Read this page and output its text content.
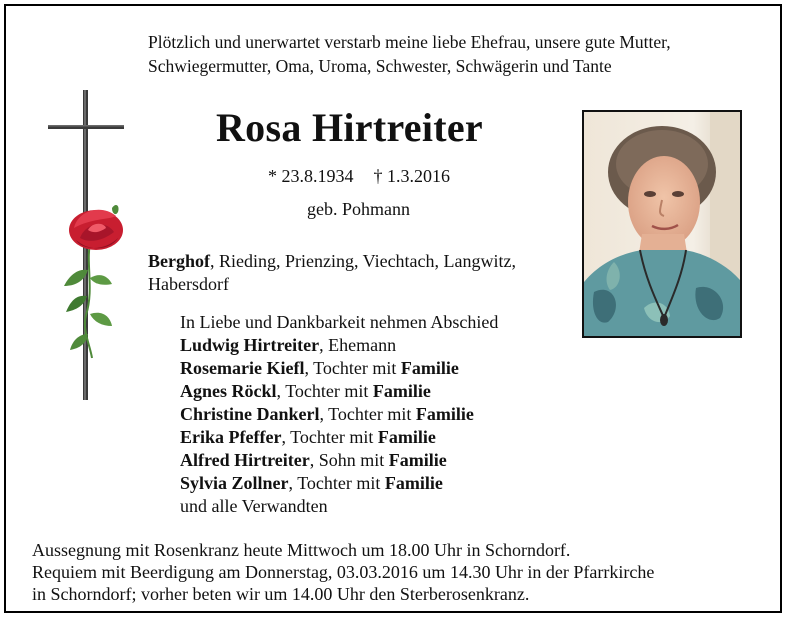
Plötzlich und unerwartet verstarb meine liebe Ehefrau, unsere gute Mutter,
Schwiegermutter, Oma, Uroma, Schwester, Schwägerin und Tante
Rosa Hirtreiter
* 23.8.1934 † 1.3.2016
geb. Pohmann
Berghof, Rieding, Prienzing, Viechtach, Langwitz,
Habersdorf
In Liebe und Dankbarkeit nehmen Abschied
Ludwig Hirtreiter, Ehemann
Rosemarie Kiefl, Tochter mit Familie
Agnes Röckl, Tochter mit Familie
Christine Dankerl, Tochter mit Familie
Erika Pfeffer, Tochter mit Familie
Alfred Hirtreiter, Sohn mit Familie
Sylvia Zollner, Tochter mit Familie
und alle Verwandten
Aussegnung mit Rosenkranz heute Mittwoch um 18.00 Uhr in Schorndorf.
Requiem mit Beerdigung am Donnerstag, 03.03.2016 um 14.30 Uhr in der Pfarrkirche
in Schorndorf; vorher beten wir um 14.00 Uhr den Sterberosenkranz.
